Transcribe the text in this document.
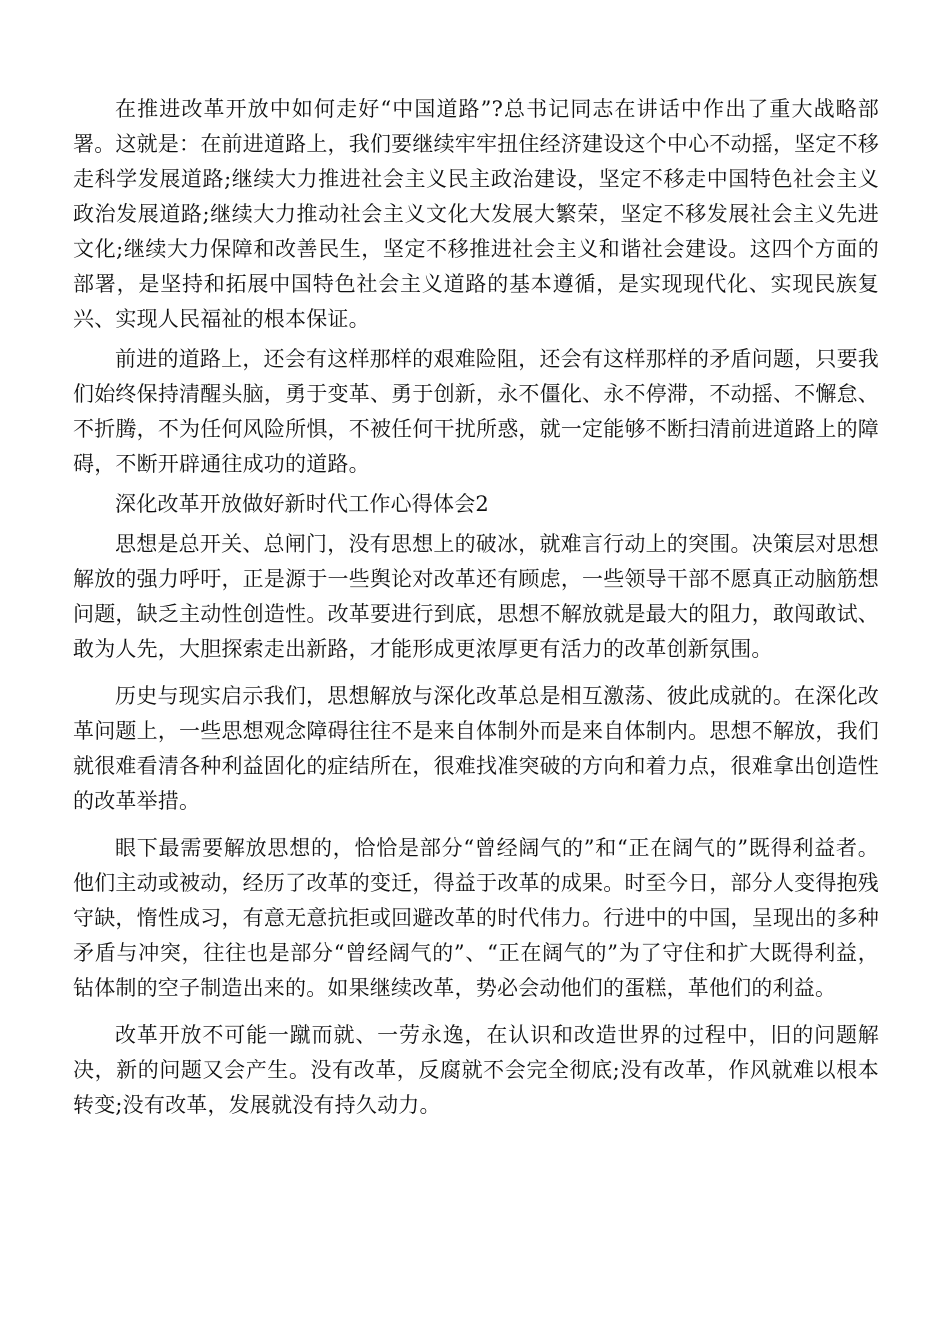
在推进改革开放中如何走好“中国道路”?总书记同志在讲话中作出了重大战略部署。这就是：在前进道路上，我们要继续牢牢扭住经济建设这个中心不动摇，坚定不移走科学发展道路;继续大力推进社会主义民主政治建设，坚定不移走中国特色社会主义政治发展道路;继续大力推动社会主义文化大发展大繁荣，坚定不移发展社会主义先进文化;继续大力保障和改善民生，坚定不移推进社会主义和谐社会建设。这四个方面的部署，是坚持和拓展中国特色社会主义道路的基本遵循，是实现现代化、实现民族复兴、实现人民福祉的根本保证。

前进的道路上，还会有这样那样的艰难险阻，还会有这样那样的矛盾问题，只要我们始终保持清醒头脑，勇于变革、勇于创新，永不僵化、永不停滞，不动摇、不懈怠、不折腾，不为任何风险所惧，不被任何干扰所惑，就一定能够不断扫清前进道路上的障碍，不断开辟通往成功的道路。

深化改革开放做好新时代工作心得体会2

思想是总开关、总闸门，没有思想上的破冰，就难言行动上的突围。决策层对思想解放的强力呼吁，正是源于一些舆论对改革还有顾虑，一些领导干部不愿真正动脑筋想问题，缺乏主动性创造性。改革要进行到底，思想不解放就是最大的阻力，敢闯敢试、敢为人先，大胆探索走出新路，才能形成更浓厚更有活力的改革创新氛围。

历史与现实启示我们，思想解放与深化改革总是相互激荡、彼此成就的。在深化改革问题上，一些思想观念障碍往往不是来自体制外而是来自体制内。思想不解放，我们就很难看清各种利益固化的症结所在，很难找准突破的方向和着力点，很难拿出创造性的改革举措。

眼下最需要解放思想的，恰恰是部分“曾经阔气的”和“正在阔气的”既得利益者。他们主动或被动，经历了改革的变迁，得益于改革的成果。时至今日，部分人变得抱残守缺，惰性成习，有意无意抗拒或回避改革的时代伟力。行进中的中国，呈现出的多种矛盾与冲突，往往也是部分“曾经阔气的”、“正在阔气的”为了守住和扩大既得利益，钻体制的空子制造出来的。如果继续改革，势必会动他们的蛋糕，革他们的利益。

改革开放不可能一蹴而就、一劳永逸，在认识和改造世界的过程中，旧的问题解决，新的问题又会产生。没有改革，反腐就不会完全彻底;没有改革，作风就难以根本转变;没有改革，发展就没有持久动力。
